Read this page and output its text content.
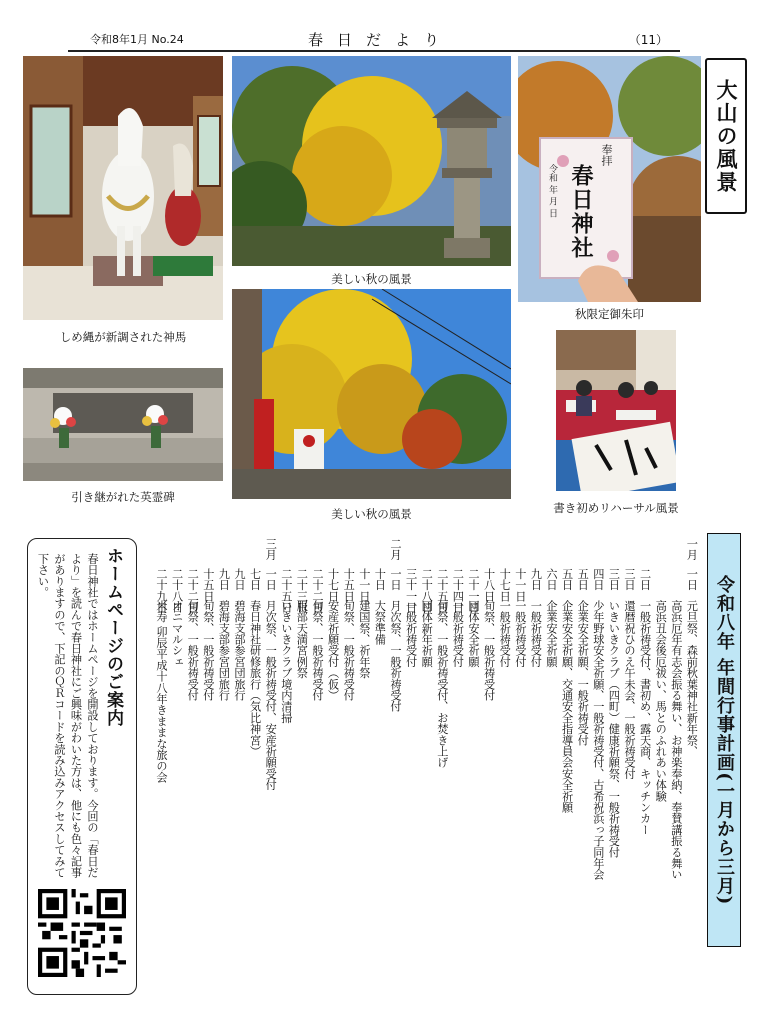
令和8年1月 No.24	春日だより	（11）
しめ縄が新調された神馬
引き継がれた英霊碑
美しい秋の風景
美しい秋の風景
春日神社
奉拝
令和 年 月 日
秋限定御朱印
大山の風景
書き初めリハーサル風景
令和八年 年間行事計画(一月から三月)
一月
一日
元旦祭、森前秋葉神社新年祭、
高浜厄年有志会振る舞い、お神楽奉納、奉賛講振る舞い
高浜丑会後厄祓い、馬とのふれあい体験
二日
一般祈祷受付、書初め、露天商、キッチンカー
三日
還暦祝ひのえ午未会、一般祈祷受付
三日
いきいきクラブ（四町）健康祈願祭、一般祈祷受付
四日
少年野球安全祈願、一般祈祷受付、古希祝浜っ子同年会
五日
企業安全祈願、一般祈祷受付
五日
企業安全祈願、交通安全指導員会安全祈願
六日
企業安全祈願
九日
一般祈祷受付
十一日
一般祈祷受付
十七日
一般祈祷受付
十八日
旬祭、一般祈祷受付
二十一日
団体安全祈願
二十四日
一般祈祷受付
二十五日
旬祭、一般祈祷受付、お焚き上げ
二十八日
団体新年祈願
三十一日
一般祈祷受付
二月
一日
月次祭、一般祈祷受付
十日
大祭準備
十一日
建国祭、祈年祭
十五日
旬祭、一般祈祷受付
十七日
安産祈願受付（仮）
二十二日
旬祭、一般祈祷受付
二十三日
服部天満宮例祭
二十五日
いきいきクラブ境内清掃
三月
一日
月次祭、一般祈祷受付、安産祈願受付
七日
春日神社研修旅行（気比神宮）
九日
碧海支部参宮団旅行
九日
碧海支部参宮団旅行
十五日
旬祭、一般祈祷受付
二十二日
旬祭、一般祈祷受付
二十八日
オニマルシェ
二十九日
米寿 卯辰平成十八年きままな旅の会
ホームページのご案内
春日神社ではホームページを開設しております。今回の「春日だより」を読んで春日神社にご興味がわいた方は、他にも色々記事がありますので、下記のＱＲコードを読み込みアクセスしてみて下さい。
